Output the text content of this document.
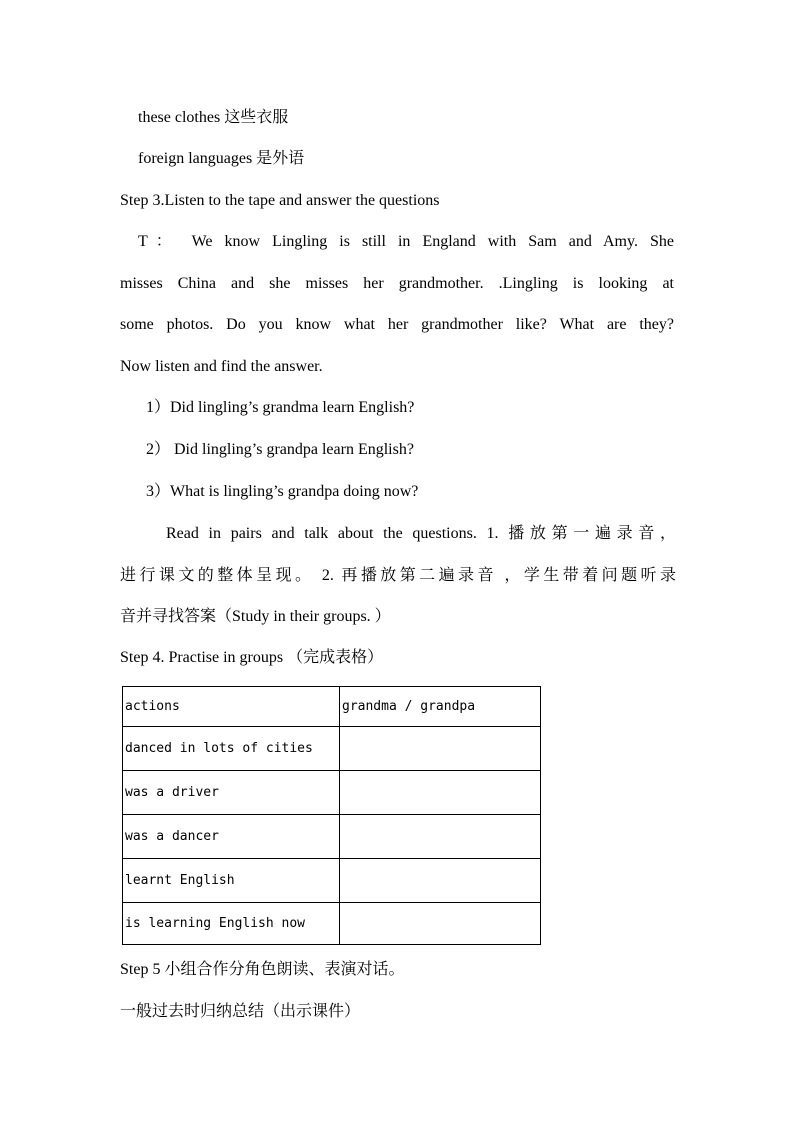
these clothes 这些衣服
foreign languages 是外语
Step 3.Listen to the tape and answer the questions
T： We know Lingling is still in England with Sam and Amy. She
misses China and she misses her grandmother. .Lingling is looking at
some photos. Do you know what her grandmother like? What are they?
Now listen and find the answer.
1）Did lingling’s grandma learn English?
2） Did lingling’s grandpa learn English?
3）What is lingling’s grandpa doing now?
Read in pairs and talk about the questions. 1. 播放第一遍录音，
进行课文的整体呈现。 2. 再播放第二遍录音 ，学生带着问题听录
音并寻找答案（Study in their groups. ）
Step 4. Practise in groups （完成表格）
actions	grandma / grandpa
danced in lots of cities	
was a driver	
was a dancer	
learnt English	
is learning English now	
Step 5 小组合作分角色朗读、表演对话。
一般过去时归纳总结（出示课件）
